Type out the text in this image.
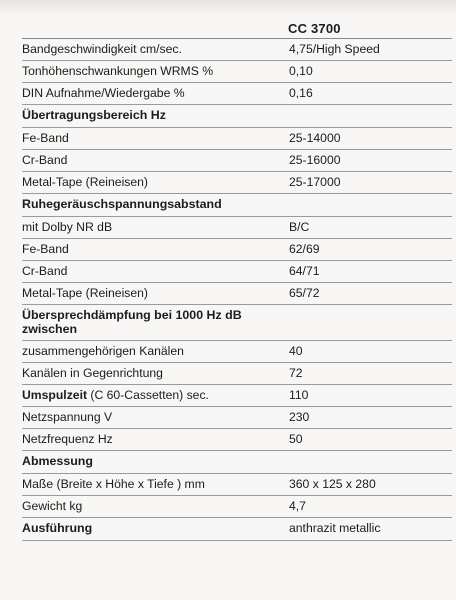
CC 3700
Bandgeschwindigkeit cm/sec.	4,75/High Speed
Tonhöhenschwankungen WRMS %	0,10
DIN Aufnahme/Wiedergabe %	0,16
Übertragungsbereich Hz
Fe-Band	25-14000
Cr-Band	25-16000
Metal-Tape (Reineisen)	25-17000
Ruhegeräuschspannungsabstand
mit Dolby NR dB	B/C
Fe-Band	62/69
Cr-Band	64/71
Metal-Tape (Reineisen)	65/72
Übersprechdämpfung bei 1000 Hz dB zwischen
zusammengehörigen Kanälen	40
Kanälen in Gegenrichtung	72
Umspulzeit (C 60-Cassetten) sec.	110
Netzspannung V	230
Netzfrequenz Hz	50
Abmessung
Maße (Breite x Höhe x Tiefe ) mm	360 x 125 x 280
Gewicht kg	4,7
Ausführung	anthrazit metallic
